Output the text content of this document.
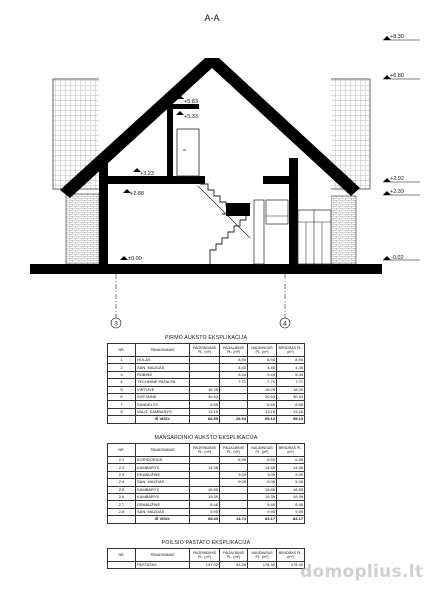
A-A
+5.83
+5.33
+3.23
+2.88
±0.00
+8.30
+6.80
+2.92
+2.39
-0.02
3	4
PIRMO AUKŠTO EKSPLIKACIJA					
NR.	PAVADINIMAS	PAGRINDINIS PL. (m²)	PAGALBINIS PL. (m²)	NAUDINGAS PL. (m²)	BENDRAS PL. (m²)
1	HOLAS		8.94	8.94	8.94
2	SAN. MAZGAS		4.45	4.45	4.45
3	RŪBINĖ		5.44	5.44	5.44
4	TECHNINĖ PATALPA		7.71	7.71	7.71
5	VIRTUVĖ	18.25		18.25	18.25
6	SVETAINĖ	30.53		30.53	30.53
7	SANDĖLYS	6.65		6.65	6.65
8	VALG. KAMBARYS	13.16		13.16	13.16
	IŠ VISO:	68.59	26.54	95.13	95.13
MANSARDINIO AUKŠTO EKSPLIKACIJA					
NR.	PAVADINIMAS	PAGRINDINIS PL. (m²)	PAGALBINIS PL. (m²)	NAUDINGAS PL. (m²)	BENDRAS PL. (m²)
2.1	KORIDORIUS		6.59	6.59	6.59
2.2	KAMBARYS	14.58		14.58	14.58
2.3	DRABUŽINĖ		3.09	3.09	3.09
2.4	SAN. MAZGAS		5.06	5.06	5.06
2.5	KAMBARYS	16.85		16.85	16.85
2.6	KAMBARYS	19.39		19.39	19.39
2.7	DRABUŽINĖ	8.46		8.46	8.46
2.8	SAN. MAZGAS	9.95		9.95	9.95
	IŠ VISO:	68.43	14.74	83.17	83.17
POILSIO PASTATO EKSPLIKACIJA					
NR.	PAVADINIMAS	PAGRINDINIS PL. (m²)	PAGALBINIS PL. (m²)	NAUDINGAS PL. (m²)	BENDRAS PL. (m²)
	PASTATAS	137.02	41.28	178.30	178.30
domoplius.lt
